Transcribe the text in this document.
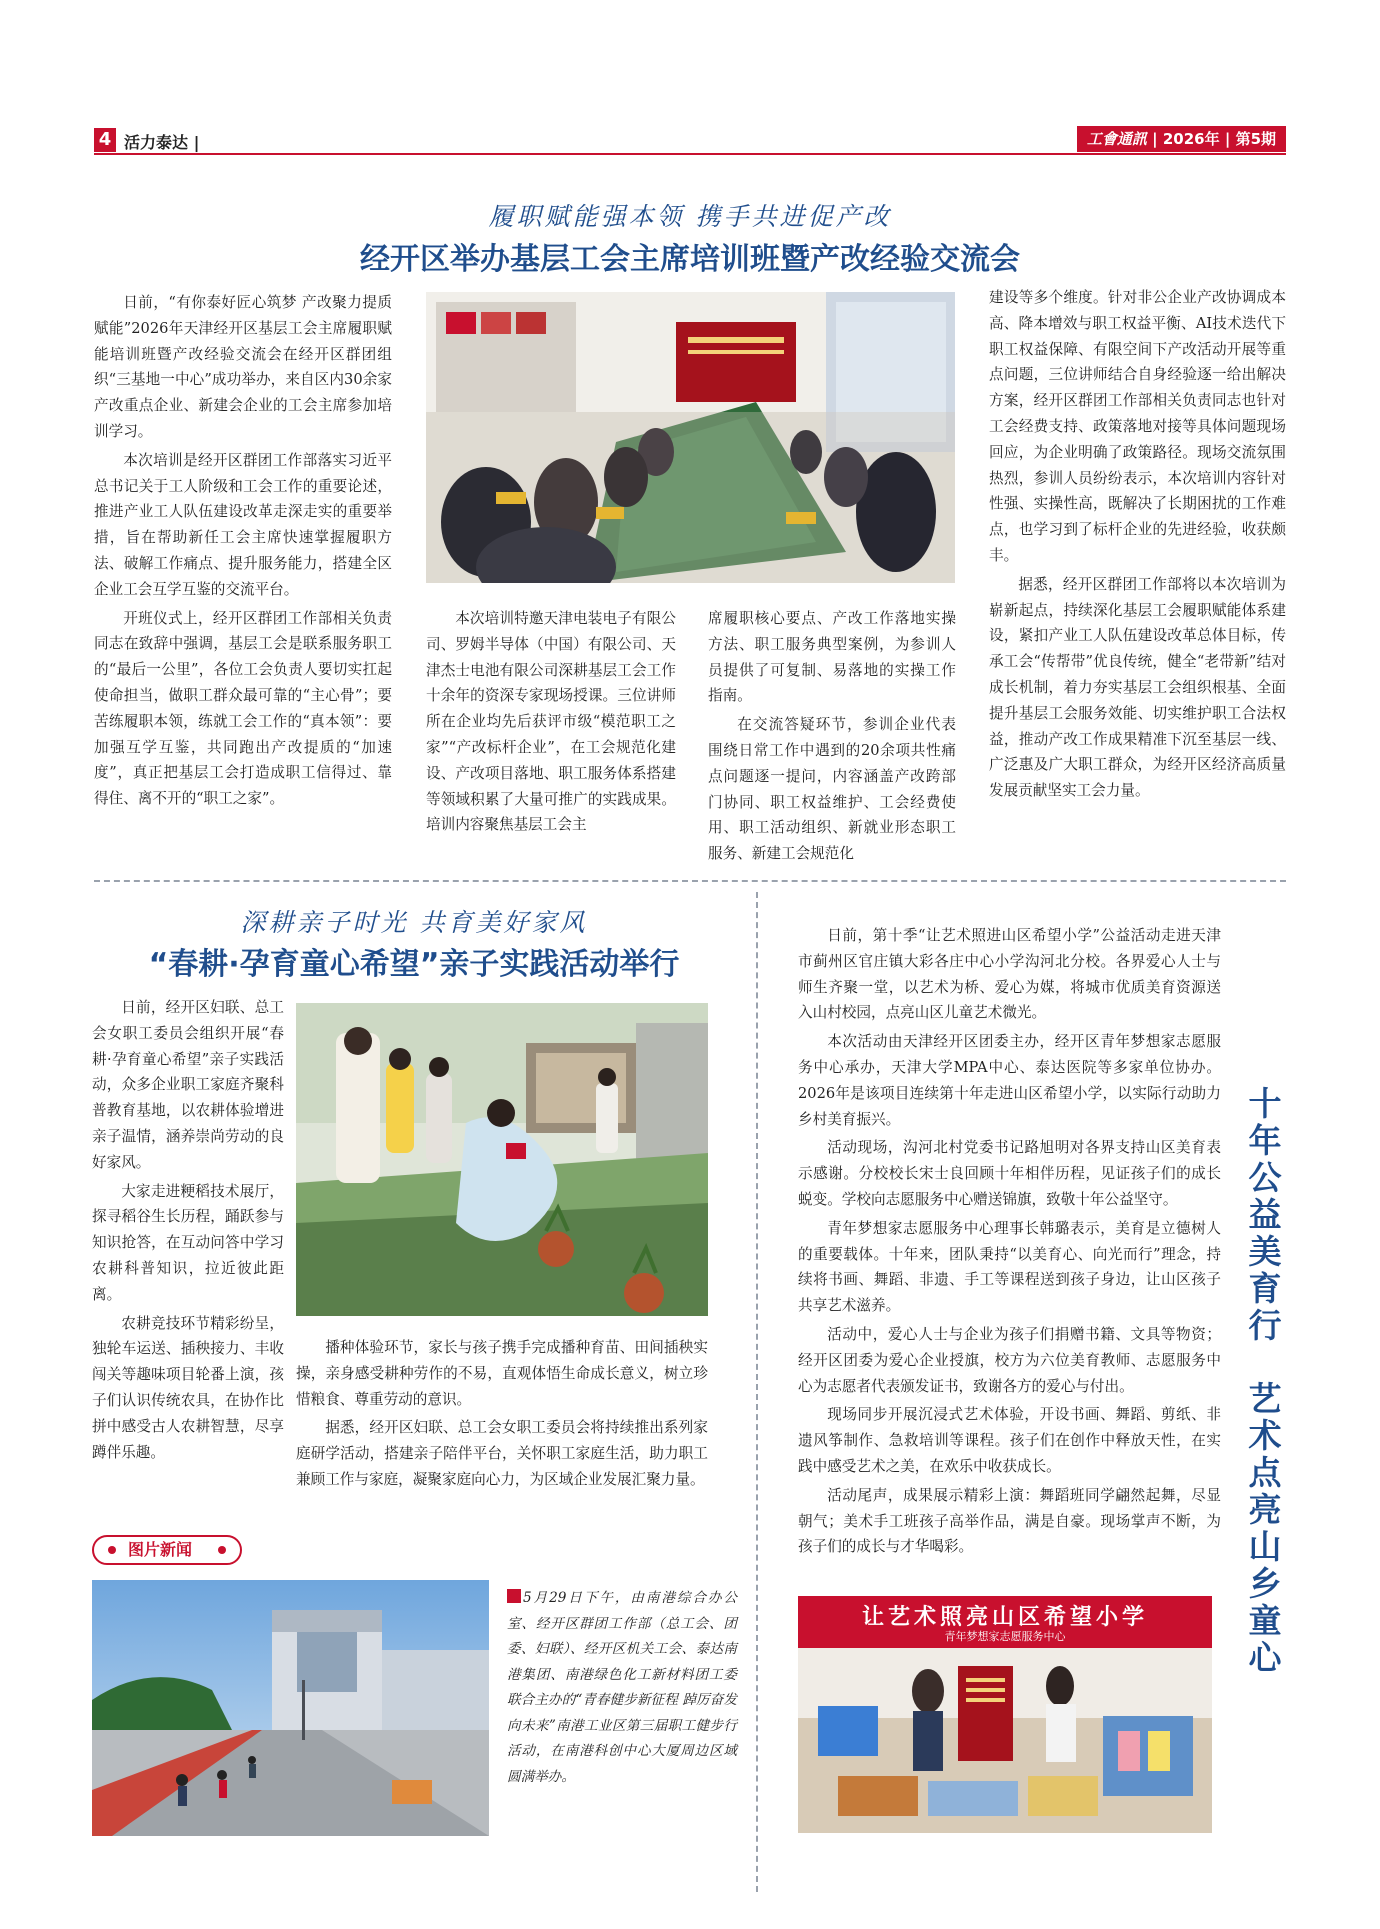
4 活力泰达 |	工會通訊 | 2026年 | 第5期
履职赋能强本领 携手共进促产改
经开区举办基层工会主席培训班暨产改经验交流会

日前，“有你泰好匠心筑梦 产改聚力提质赋能”2026年天津经开区基层工会主席履职赋能培训班暨产改经验交流会在经开区群团组织“三基地一中心”成功举办，来自区内30余家产改重点企业、新建会企业的工会主席参加培训学习。

本次培训是经开区群团工作部落实习近平总书记关于工人阶级和工会工作的重要论述，推进产业工人队伍建设改革走深走实的重要举措，旨在帮助新任工会主席快速掌握履职方法、破解工作痛点、提升服务能力，搭建全区企业工会互学互鉴的交流平台。

开班仪式上，经开区群团工作部相关负责同志在致辞中强调，基层工会是联系服务职工的“最后一公里”，各位工会负责人要切实扛起使命担当，做职工群众最可靠的“主心骨”；要苦练履职本领，练就工会工作的“真本领”：要加强互学互鉴，共同跑出产改提质的“加速度”，真正把基层工会打造成职工信得过、靠得住、离不开的“职工之家”。

本次培训特邀天津电装电子有限公司、罗姆半导体（中国）有限公司、天津杰士电池有限公司深耕基层工会工作十余年的资深专家现场授课。三位讲师所在企业均先后获评市级“模范职工之家”“产改标杆企业”，在工会规范化建设、产改项目落地、职工服务体系搭建等领域积累了大量可推广的实践成果。培训内容聚焦基层工会主

席履职核心要点、产改工作落地实操方法、职工服务典型案例，为参训人员提供了可复制、易落地的实操工作指南。

在交流答疑环节，参训企业代表围绕日常工作中遇到的20余项共性痛点问题逐一提问，内容涵盖产改跨部门协同、职工权益维护、工会经费使用、职工活动组织、新就业形态职工服务、新建工会规范化

建设等多个维度。针对非公企业产改协调成本高、降本增效与职工权益平衡、AI技术迭代下职工权益保障、有限空间下产改活动开展等重点问题，三位讲师结合自身经验逐一给出解决方案，经开区群团工作部相关负责同志也针对工会经费支持、政策落地对接等具体问题现场回应，为企业明确了政策路径。现场交流氛围热烈，参训人员纷纷表示，本次培训内容针对性强、实操性高，既解决了长期困扰的工作难点，也学习到了标杆企业的先进经验，收获颇丰。

据悉，经开区群团工作部将以本次培训为崭新起点，持续深化基层工会履职赋能体系建设，紧扣产业工人队伍建设改革总体目标，传承工会“传帮带”优良传统，健全“老带新”结对成长机制，着力夯实基层工会组织根基、全面提升基层工会服务效能、切实维护职工合法权益，推动产改工作成果精准下沉至基层一线、广泛惠及广大职工群众，为经开区经济高质量发展贡献坚实工会力量。

深耕亲子时光 共育美好家风
“春耕·孕育童心希望”亲子实践活动举行

日前，经开区妇联、总工会女职工委员会组织开展“春耕·孕育童心希望”亲子实践活动，众多企业职工家庭齐聚科普教育基地，以农耕体验增进亲子温情，涵养崇尚劳动的良好家风。

大家走进粳稻技术展厅，探寻稻谷生长历程，踊跃参与知识抢答，在互动问答中学习农耕科普知识，拉近彼此距离。

农耕竞技环节精彩纷呈，独轮车运送、插秧接力、丰收闯关等趣味项目轮番上演，孩子们认识传统农具，在协作比拼中感受古人农耕智慧，尽享蹲伴乐趣。

播种体验环节，家长与孩子携手完成播种育苗、田间插秧实操，亲身感受耕种劳作的不易，直观体悟生命成长意义，树立珍惜粮食、尊重劳动的意识。

据悉，经开区妇联、总工会女职工委员会将持续推出系列家庭研学活动，搭建亲子陪伴平台，关怀职工家庭生活，助力职工兼顾工作与家庭，凝聚家庭向心力，为区域企业发展汇聚力量。

图片新闻
5月29日下午，由南港综合办公室、经开区群团工作部（总工会、团委、妇联）、经开区机关工会、泰达南港集团、南港绿色化工新材料团工委联合主办的“青春健步新征程 踔厉奋发向未来”南港工业区第三届职工健步行活动，在南港科创中心大厦周边区域圆满举办。

日前，第十季“让艺术照进山区希望小学”公益活动走进天津市蓟州区官庄镇大彩各庄中心小学沟河北分校。各界爱心人士与师生齐聚一堂，以艺术为桥、爱心为媒，将城市优质美育资源送入山村校园，点亮山区儿童艺术微光。

本次活动由天津经开区团委主办，经开区青年梦想家志愿服务中心承办，天津大学MPA中心、泰达医院等多家单位协办。2026年是该项目连续第十年走进山区希望小学，以实际行动助力乡村美育振兴。

活动现场，沟河北村党委书记路旭明对各界支持山区美育表示感谢。分校校长宋士良回顾十年相伴历程，见证孩子们的成长蜕变。学校向志愿服务中心赠送锦旗，致敬十年公益坚守。

青年梦想家志愿服务中心理事长韩璐表示，美育是立德树人的重要载体。十年来，团队秉持“以美育心、向光而行”理念，持续将书画、舞蹈、非遗、手工等课程送到孩子身边，让山区孩子共享艺术滋养。

活动中，爱心人士与企业为孩子们捐赠书籍、文具等物资；经开区团委为爱心企业授旗，校方为六位美育教师、志愿服务中心为志愿者代表颁发证书，致谢各方的爱心与付出。

现场同步开展沉浸式艺术体验，开设书画、舞蹈、剪纸、非遗风筝制作、急救培训等课程。孩子们在创作中释放天性，在实践中感受艺术之美，在欢乐中收获成长。

活动尾声，成果展示精彩上演：舞蹈班同学翩然起舞，尽显朝气；美术手工班孩子高举作品，满是自豪。现场掌声不断，为孩子们的成长与才华喝彩。

十
年
公
益
美
育
行
艺
术
点
亮
山
乡
童
心
让艺术照亮山区希望小学
青年梦想家志愿服务中心
